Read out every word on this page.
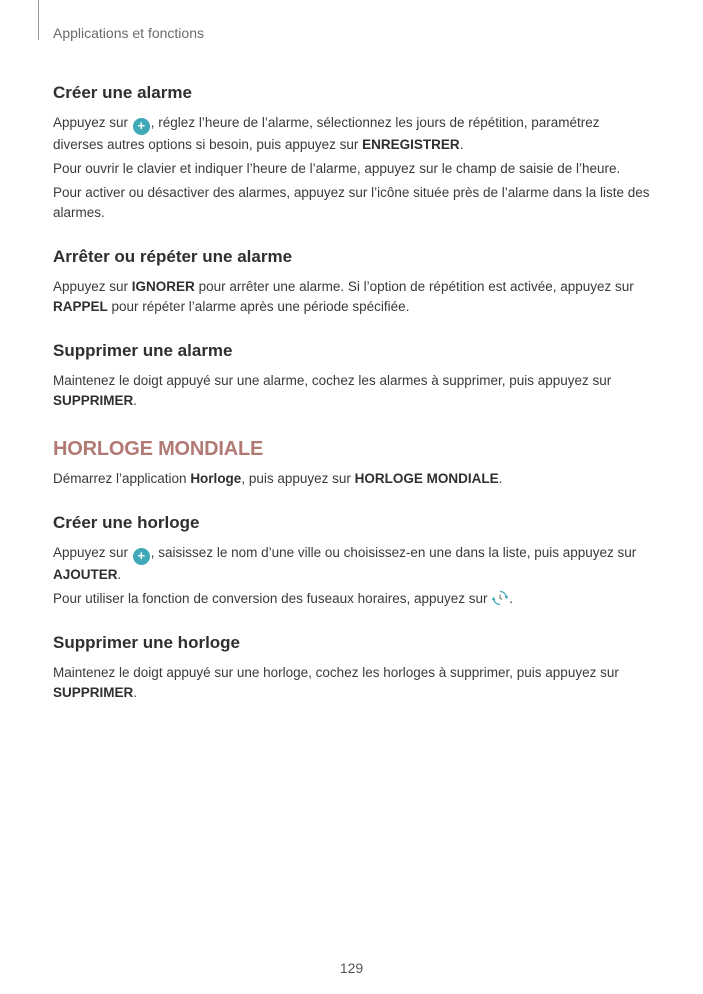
Applications et fonctions
Créer une alarme

Appuyez sur + , réglez l’heure de l’alarme, sélectionnez les jours de répétition, paramétrez diverses autres options si besoin, puis appuyez sur ENREGISTRER.

Pour ouvrir le clavier et indiquer l’heure de l’alarme, appuyez sur le champ de saisie de l’heure.

Pour activer ou désactiver des alarmes, appuyez sur l’icône située près de l’alarme dans la liste des alarmes.

Arrêter ou répéter une alarme

Appuyez sur IGNORER pour arrêter une alarme. Si l’option de répétition est activée, appuyez sur RAPPEL pour répéter l’alarme après une période spécifiée.

Supprimer une alarme

Maintenez le doigt appuyé sur une alarme, cochez les alarmes à supprimer, puis appuyez sur SUPPRIMER.

HORLOGE MONDIALE

Démarrez l’application Horloge, puis appuyez sur HORLOGE MONDIALE.

Créer une horloge

Appuyez sur + , saisissez le nom d’une ville ou choisissez-en une dans la liste, puis appuyez sur AJOUTER.

Pour utiliser la fonction de conversion des fuseaux horaires, appuyez sur .

Supprimer une horloge

Maintenez le doigt appuyé sur une horloge, cochez les horloges à supprimer, puis appuyez sur SUPPRIMER.

129
